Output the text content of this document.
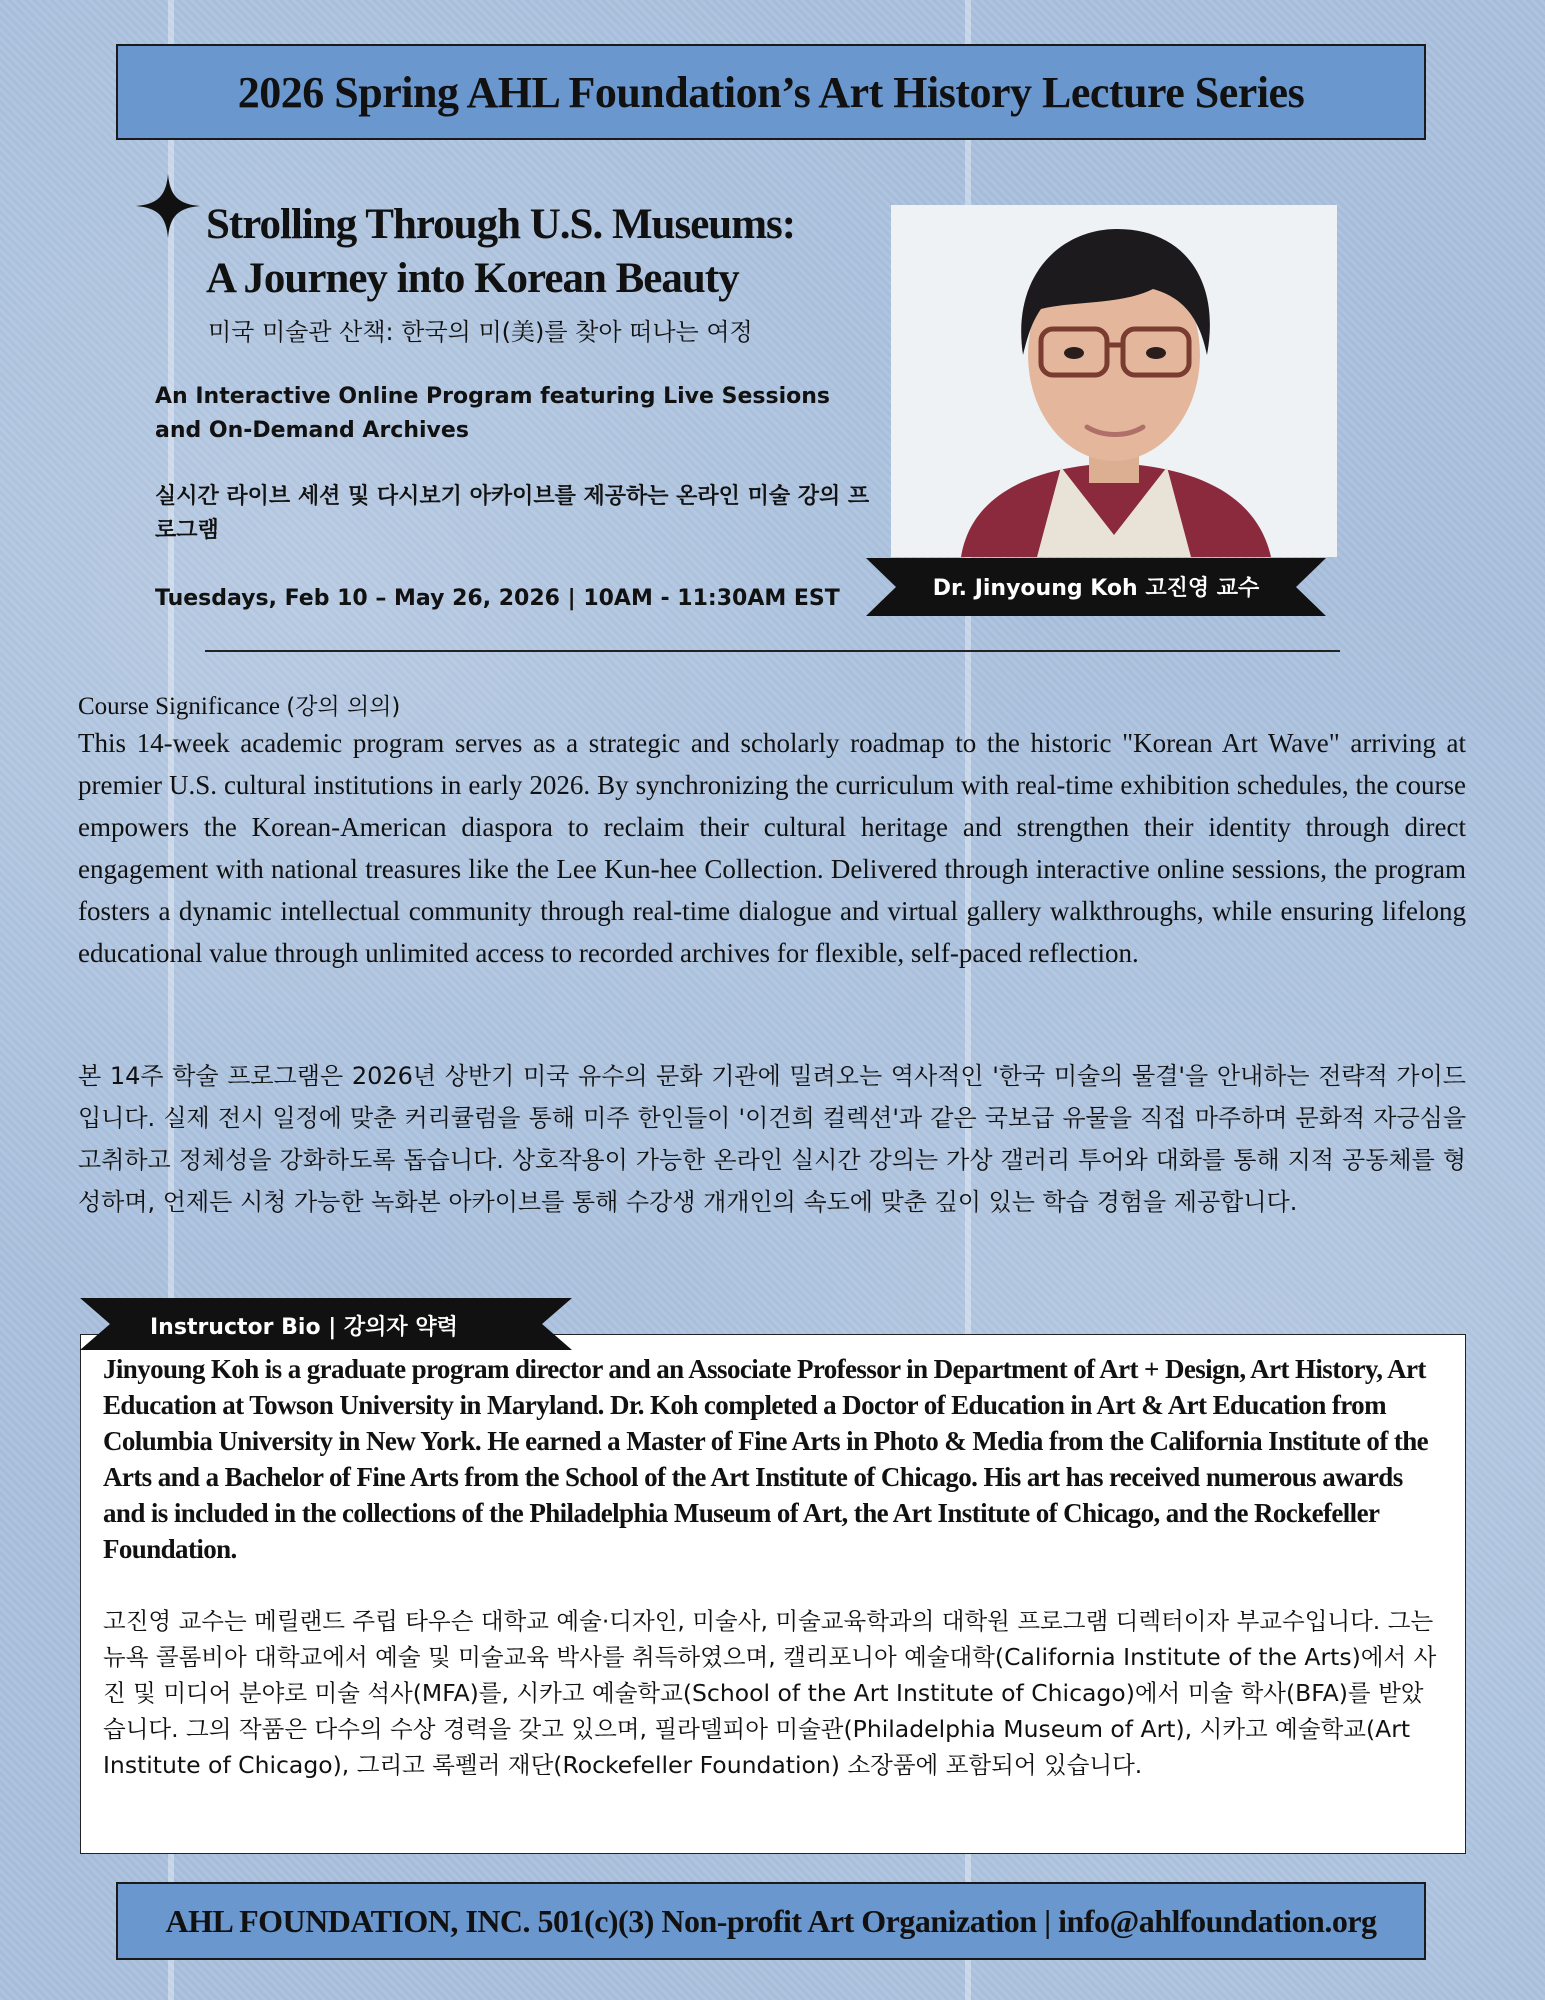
2026 Spring AHL Foundation’s Art History Lecture Series
Strolling Through U.S. Museums:
A Journey into Korean Beauty
미국 미술관 산책: 한국의 미(美)를 찾아 떠나는 여정
An Interactive Online Program featuring Live Sessions and On-Demand Archives
실시간 라이브 세션 및 다시보기 아카이브를 제공하는 온라인 미술 강의 프로그램
Tuesdays, Feb 10 – May 26, 2026 | 10AM - 11:30AM EST	Dr. Jinyoung Koh 고진영 교수
Course Significance (강의 의의)
This 14-week academic program serves as a strategic and scholarly roadmap to the historic "Korean Art Wave" arriving at premier U.S. cultural institutions in early 2026. By synchronizing the curriculum with real-time exhibition schedules, the course empowers the Korean-American diaspora to reclaim their cultural heritage and strengthen their identity through direct engagement with national treasures like the Lee Kun-hee Collection. Delivered through interactive online sessions, the program fosters a dynamic intellectual community through real-time dialogue and virtual gallery walkthroughs, while ensuring lifelong educational value through unlimited access to recorded archives for flexible, self-paced reflection.
본 14주 학술 프로그램은 2026년 상반기 미국 유수의 문화 기관에 밀려오는 역사적인 '한국 미술의 물결'을 안내하는 전략적 가이드입니다. 실제 전시 일정에 맞춘 커리큘럼을 통해 미주 한인들이 '이건희 컬렉션'과 같은 국보급 유물을 직접 마주하며 문화적 자긍심을 고취하고 정체성을 강화하도록 돕습니다. 상호작용이 가능한 온라인 실시간 강의는 가상 갤러리 투어와 대화를 통해 지적 공동체를 형성하며, 언제든 시청 가능한 녹화본 아카이브를 통해 수강생 개개인의 속도에 맞춘 깊이 있는 학습 경험을 제공합니다.
Jinyoung Koh is a graduate program director and an Associate Professor in Department of Art + Design, Art History, Art Education at Towson University in Maryland. Dr. Koh completed a Doctor of Education in Art & Art Education from Columbia University in New York. He earned a Master of Fine Arts in Photo & Media from the California Institute of the Arts and a Bachelor of Fine Arts from the School of the Art Institute of Chicago. His art has received numerous awards and is included in the collections of the Philadelphia Museum of Art, the Art Institute of Chicago, and the Rockefeller Foundation.
고진영 교수는 메릴랜드 주립 타우슨 대학교 예술·디자인, 미술사, 미술교육학과의 대학원 프로그램 디렉터이자 부교수입니다. 그는 뉴욕 콜롬비아 대학교에서 예술 및 미술교육 박사를 취득하였으며, 캘리포니아 예술대학(California Institute of the Arts)에서 사진 및 미디어 분야로 미술 석사(MFA)를, 시카고 예술학교(School of the Art Institute of Chicago)에서 미술 학사(BFA)를 받았습니다. 그의 작품은 다수의 수상 경력을 갖고 있으며, 필라델피아 미술관(Philadelphia Museum of Art), 시카고 예술학교(Art Institute of Chicago), 그리고 록펠러 재단(Rockefeller Foundation) 소장품에 포함되어 있습니다.
Instructor Bio | 강의자 약력
AHL FOUNDATION, INC. 501(c)(3) Non-profit Art Organization | info@ahlfoundation.org
